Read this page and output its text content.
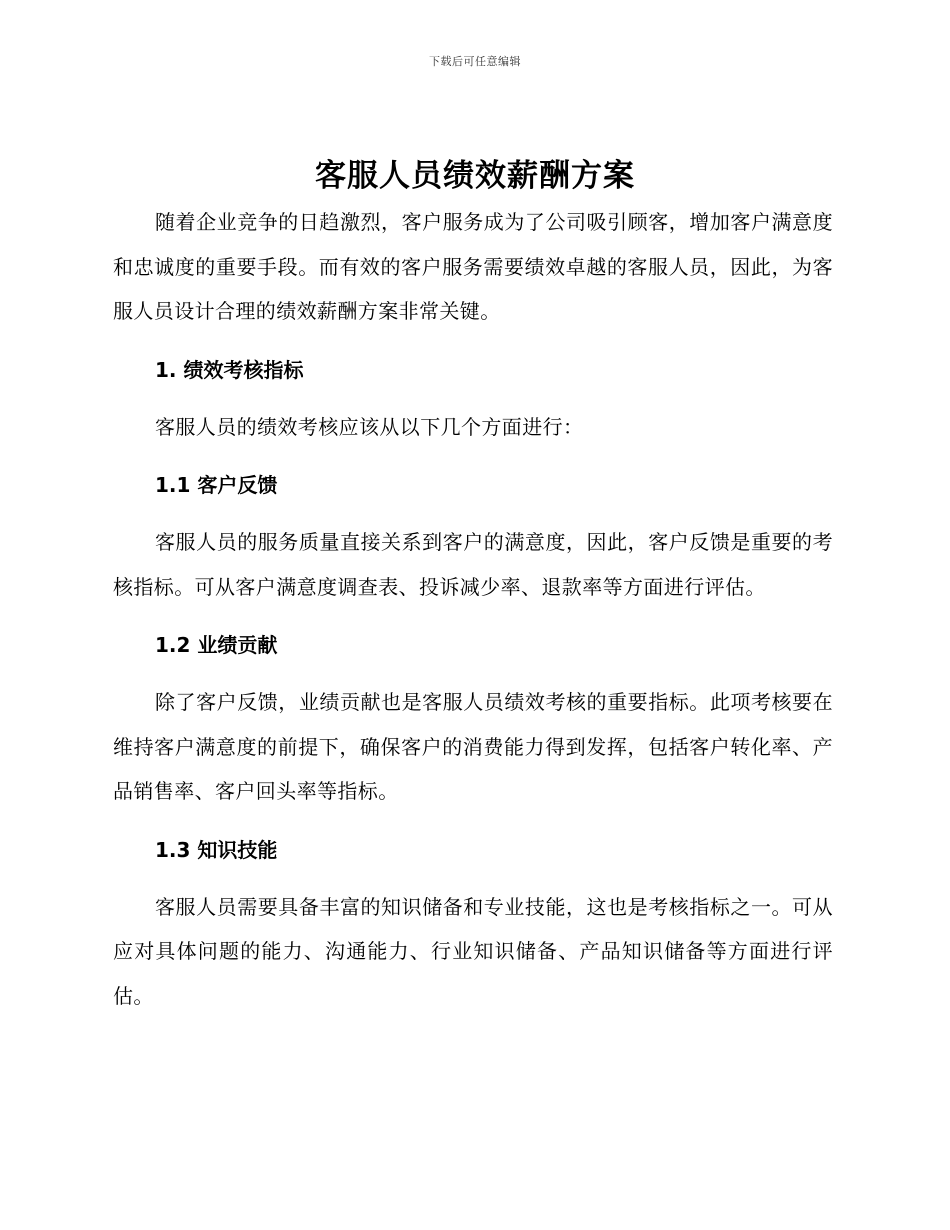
下载后可任意编辑
客服人员绩效薪酬方案

随着企业竞争的日趋激烈，客户服务成为了公司吸引顾客，增加客户满意度和忠诚度的重要手段。而有效的客户服务需要绩效卓越的客服人员，因此，为客服人员设计合理的绩效薪酬方案非常关键。

1. 绩效考核指标

客服人员的绩效考核应该从以下几个方面进行：

1.1 客户反馈

客服人员的服务质量直接关系到客户的满意度，因此，客户反馈是重要的考核指标。可从客户满意度调查表、投诉减少率、退款率等方面进行评估。

1.2 业绩贡献

除了客户反馈，业绩贡献也是客服人员绩效考核的重要指标。此项考核要在维持客户满意度的前提下，确保客户的消费能力得到发挥，包括客户转化率、产品销售率、客户回头率等指标。

1.3 知识技能

客服人员需要具备丰富的知识储备和专业技能，这也是考核指标之一。可从应对具体问题的能力、沟通能力、行业知识储备、产品知识储备等方面进行评估。
